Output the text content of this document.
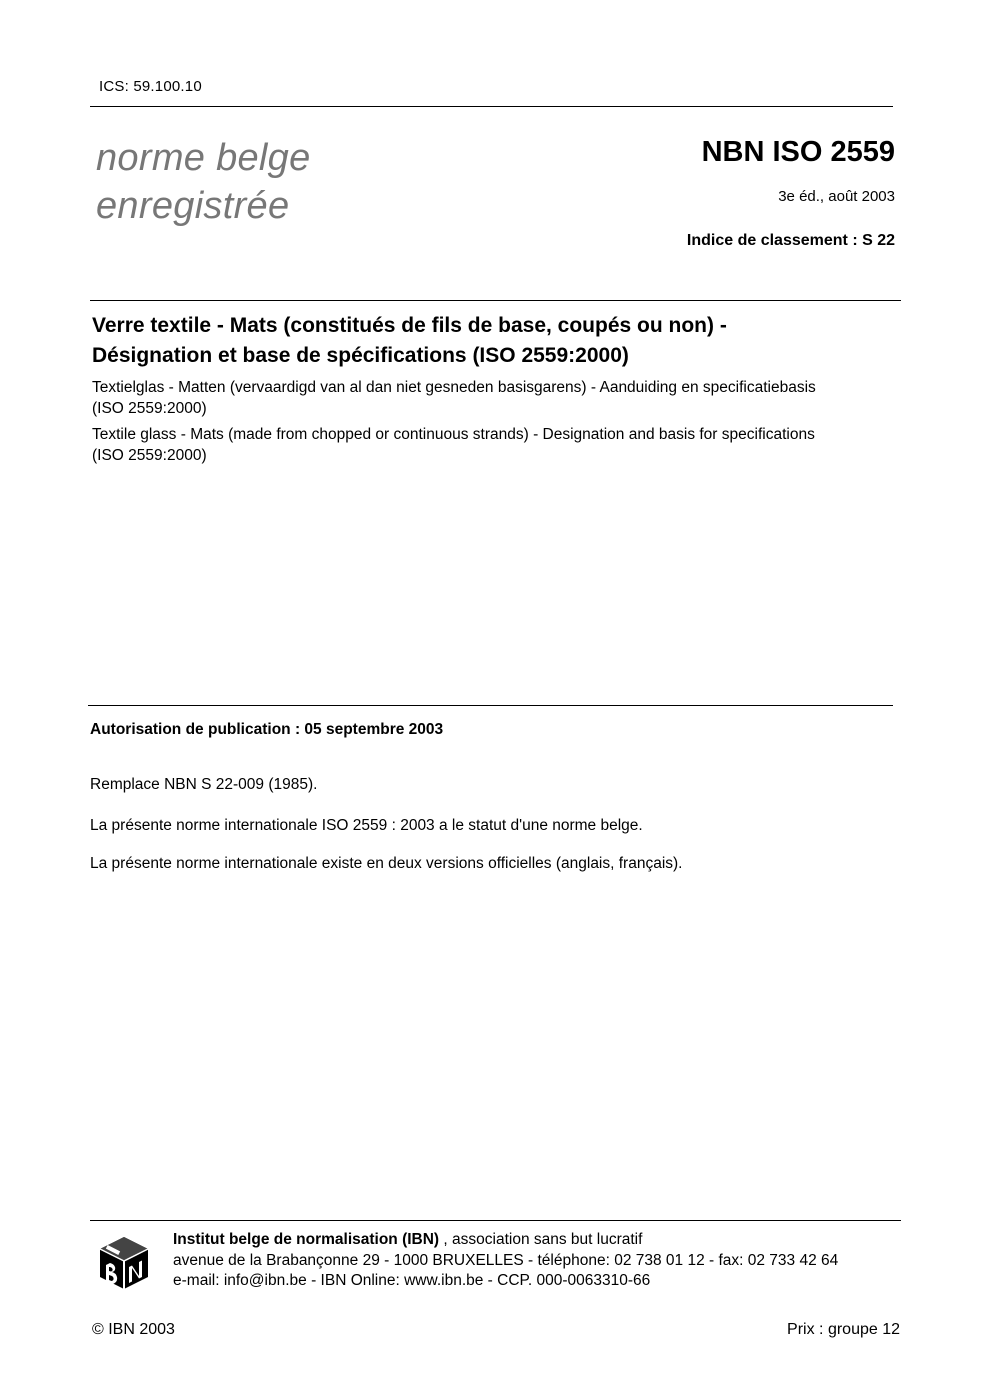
ICS: 59.100.10
norme belge
enregistrée
NBN ISO 2559
3e éd., août 2003
Indice de classement : S 22
Verre textile - Mats (constitués de fils de base, coupés ou non) -
Désignation et base de spécifications (ISO 2559:2000)
Textielglas - Matten (vervaardigd van al dan niet gesneden basisgarens) - Aanduiding en specificatiebasis
(ISO 2559:2000)
Textile glass - Mats (made from chopped or continuous strands) - Designation and basis for specifications
(ISO 2559:2000)
Autorisation de publication : 05 septembre 2003
Remplace NBN S 22-009 (1985).
La présente norme internationale ISO 2559 : 2003 a le statut d'une norme belge.
La présente norme internationale existe en deux versions officielles (anglais, français).
Institut belge de normalisation (IBN) , association sans but lucratif
avenue de la Brabançonne 29 - 1000 BRUXELLES - téléphone: 02 738 01 12 - fax: 02 733 42 64
e-mail: info@ibn.be - IBN Online: www.ibn.be - CCP. 000-0063310-66
© IBN 2003	Prix : groupe 12
